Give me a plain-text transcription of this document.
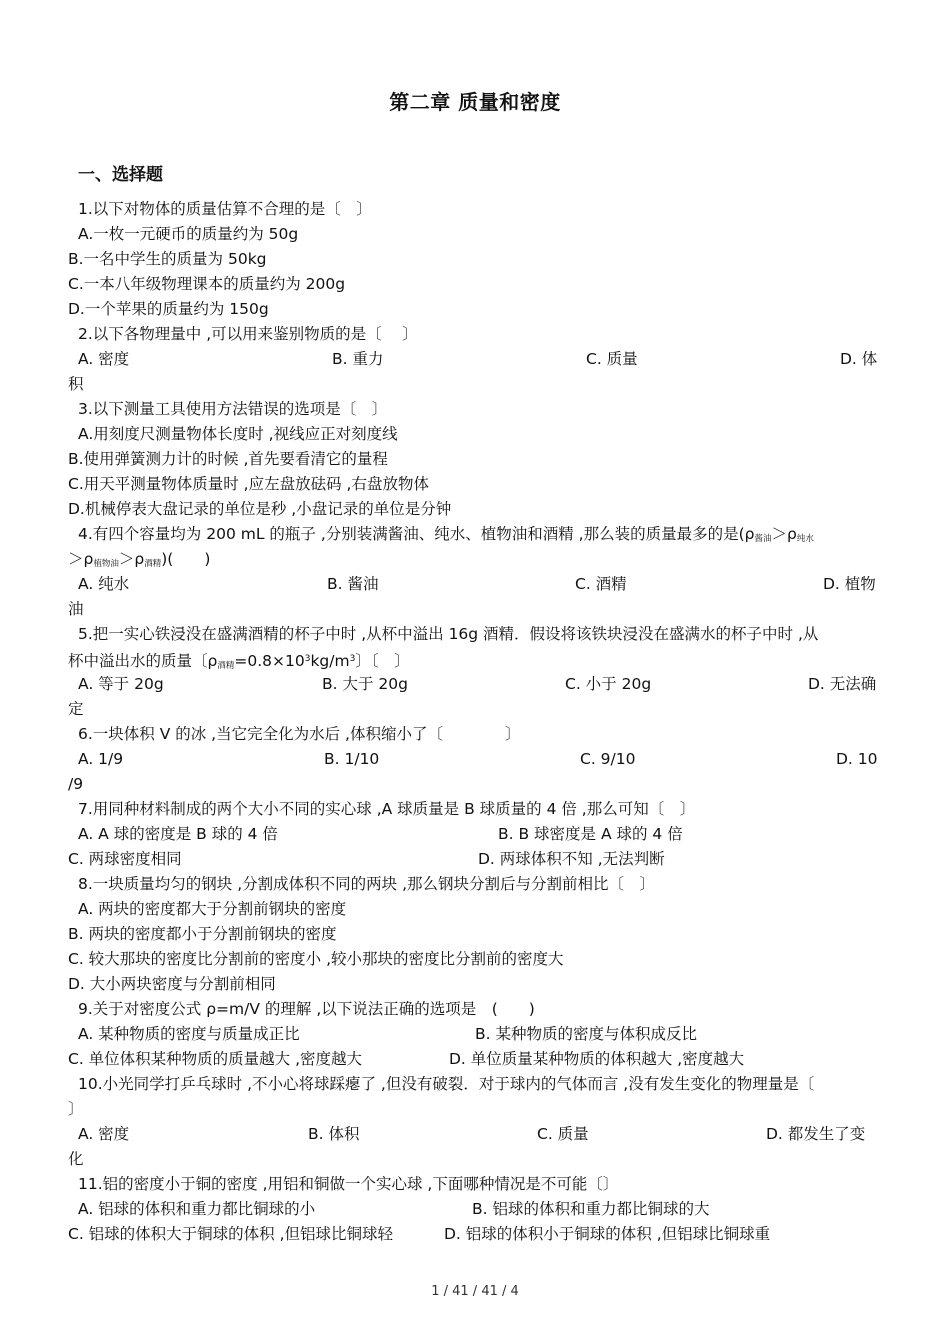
第二章 质量和密度
一、选择题
1.以下对物体的质量估算不合理的是〔　〕
A.一枚一元硬币的质量约为 50g
B.一名中学生的质量为 50kg
C.一本八年级物理课本的质量约为 200g
D.一个苹果的质量约为 150g
2.以下各物理量中 ,可以用来鉴别物质的是〔　 〕
A. 密度	B. 重力	C. 质量	D. 体
积
3.以下测量工具使用方法错误的选项是〔　〕
A.用刻度尺测量物体长度时 ,视线应正对刻度线
B.使用弹簧测力计的时候 ,首先要看清它的量程
C.用天平测量物体质量时 ,应左盘放砝码 ,右盘放物体
D.机械停表大盘记录的单位是秒 ,小盘记录的单位是分钟
4.有四个容量均为 200 mL 的瓶子 ,分别装满酱油、纯水、植物油和酒精 ,那么装的质量最多的是($\rho_{酱油}>\rho_{纯水}$
$>\rho_{植物油}>\rho_{酒精}$)(　　)
A. 纯水	B. 酱油	C. 酒精	D. 植物
油
5.把一实心铁浸没在盛满酒精的杯子中时 ,从杯中溢出 16g 酒精．假设将该铁块浸没在盛满水的杯子中时 ,从
杯中溢出水的质量〔$\rho_{酒精}=0.8\times 10^3kg/m^3$〕〔　〕
A. 等于 20g	B. 大于 20g	C. 小于 20g	D. 无法确
定
6.一块体积 V 的冰 ,当它完全化为水后 ,体积缩小了〔　　　　〕
A. 1/9	B. 1/10	C. 9/10	D. 10
/9
7.用同种材料制成的两个大小不同的实心球 ,A 球质量是 B 球质量的 4 倍 ,那么可知〔　〕
A. A 球的密度是 B 球的 4 倍	B. B 球密度是 A 球的 4 倍
C. 两球密度相同	D. 两球体积不知 ,无法判断
8.一块质量均匀的钢块 ,分割成体积不同的两块 ,那么钢块分割后与分割前相比〔　〕
A. 两块的密度都大于分割前钢块的密度
B. 两块的密度都小于分割前钢块的密度
C. 较大那块的密度比分割前的密度小 ,较小那块的密度比分割前的密度大
D. 大小两块密度与分割前相同
9.关于对密度公式 ρ=m/V 的理解 ,以下说法正确的选项是　(　　)
A. 某种物质的密度与质量成正比	B. 某种物质的密度与体积成反比
C. 单位体积某种物质的质量越大 ,密度越大	D. 单位质量某种物质的体积越大 ,密度越大
10.小光同学打乒乓球时 ,不小心将球踩瘪了 ,但没有破裂．对于球内的气体而言 ,没有发生变化的物理量是〔
〕
A. 密度	B. 体积	C. 质量	D. 都发生了变
化
11.铝的密度小于铜的密度 ,用铝和铜做一个实心球 ,下面哪种情况是不可能〔〕
A. 铝球的体积和重力都比铜球的小	B. 铝球的体积和重力都比铜球的大
C. 铝球的体积大于铜球的体积 ,但铝球比铜球轻	D. 铝球的体积小于铜球的体积 ,但铝球比铜球重
1 / 41 / 41 / 4
